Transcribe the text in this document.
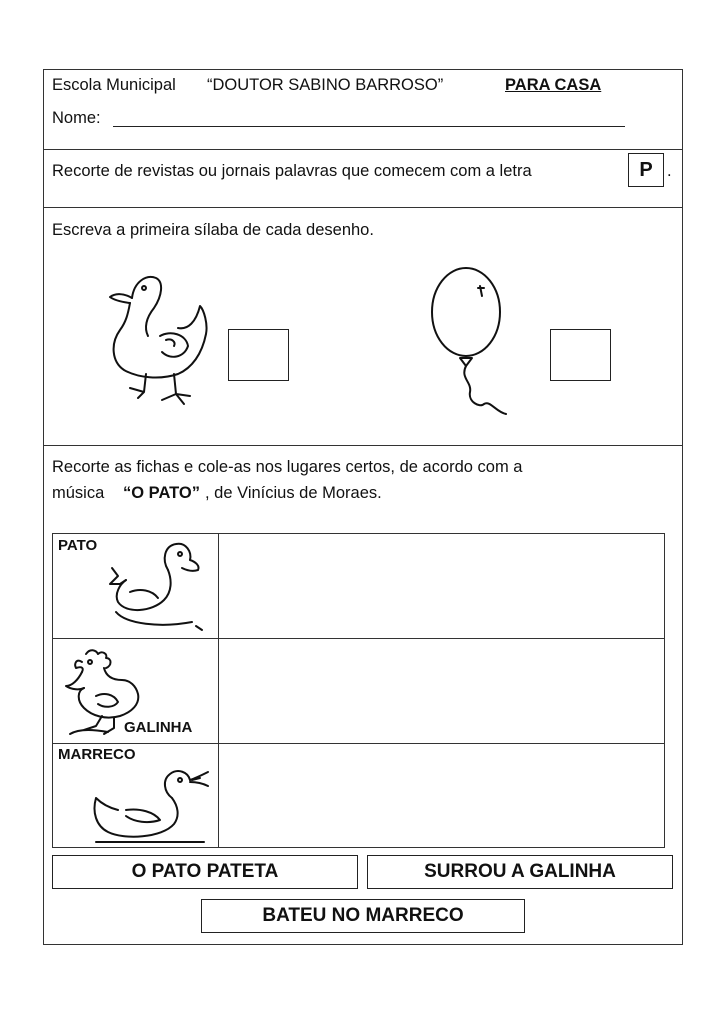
Escola Municipal “DOUTOR SABINO BARROSO”	PARA CASA
Nome:
Recorte de revistas ou jornais palavras que comecem com a letra	P .
Escreva a primeira sílaba de cada desenho.
Recorte as fichas e cole-as nos lugares certos, de acordo com a
música “O PATO” , de Vinícius de Moraes.
PATO
GALINHA
MARRECO
O PATO PATETA	SURROU A GALINHA
BATEU NO MARRECO
